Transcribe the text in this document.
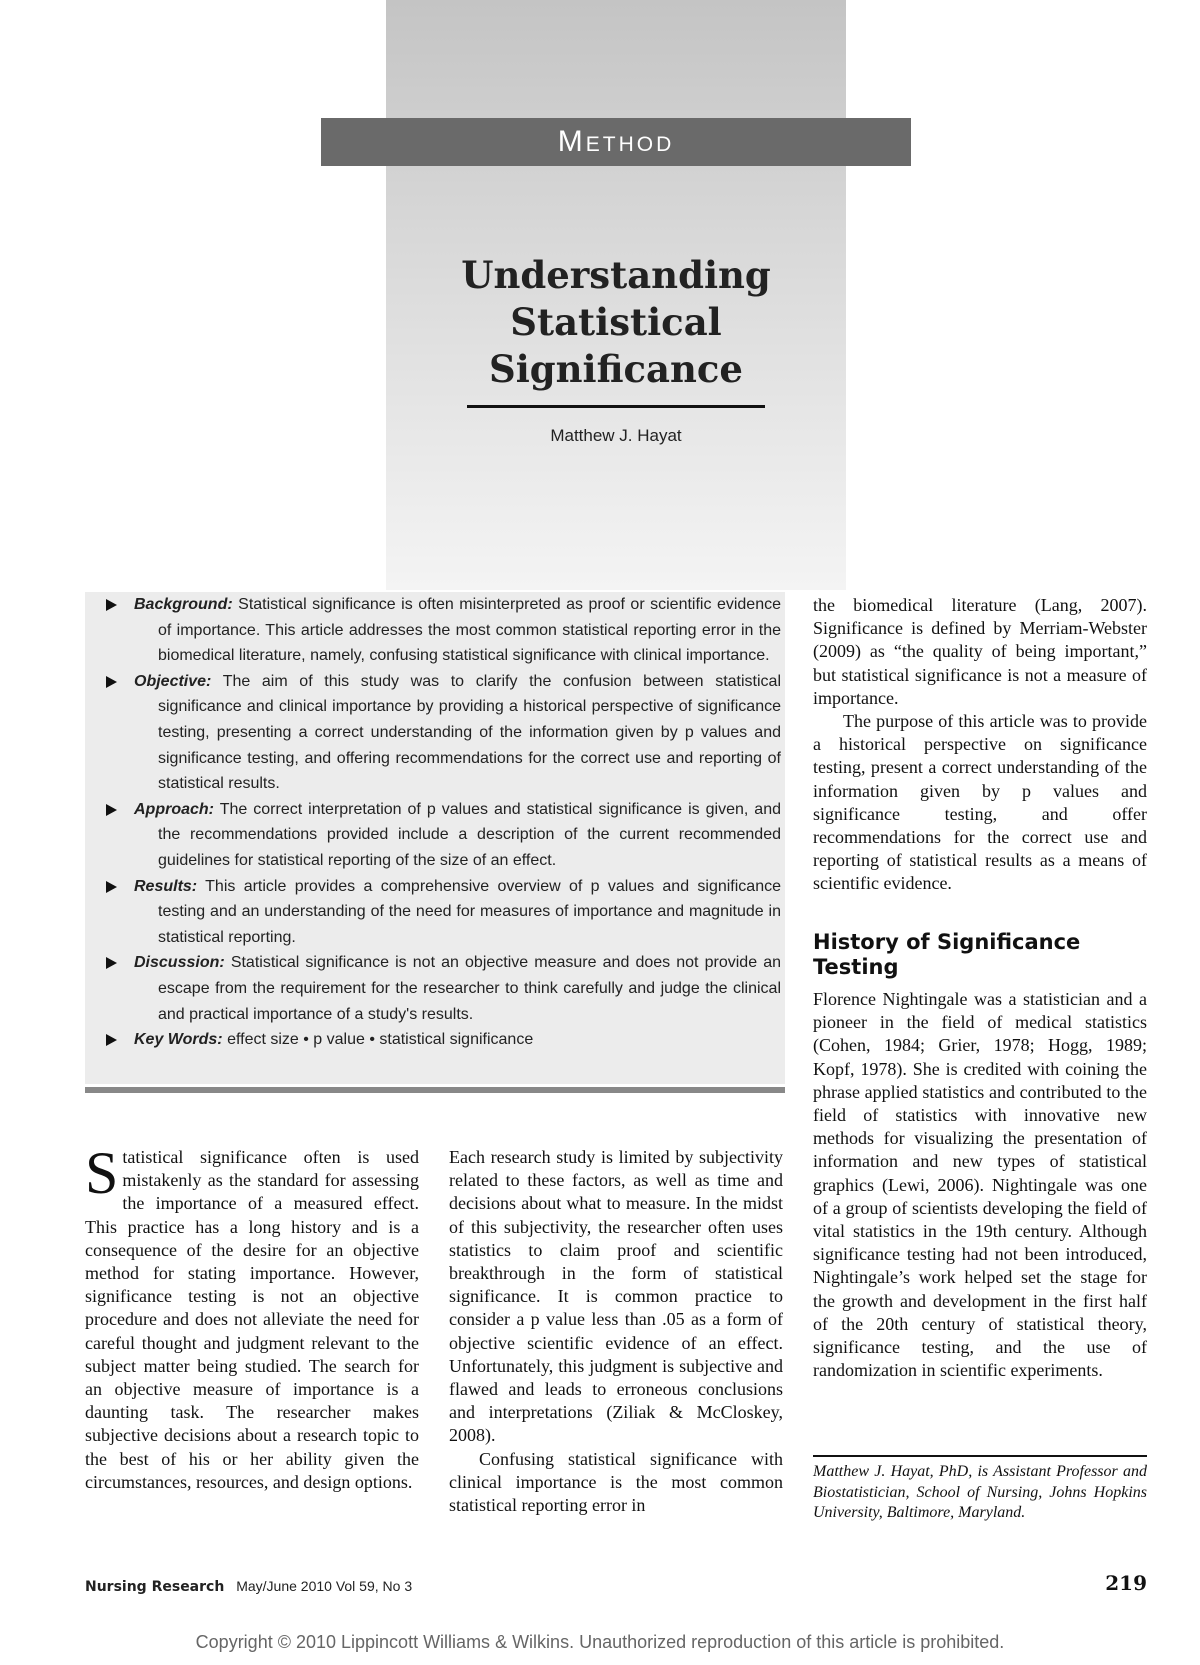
Method
Understanding
Statistical
Significance
Matthew J. Hayat
Background: Statistical significance is often misinterpreted as proof or scientific evidence of importance. This article addresses the most common statistical reporting error in the biomedical literature, namely, confusing statistical significance with clinical importance.
Objective: The aim of this study was to clarify the confusion between statistical significance and clinical importance by providing a historical perspective of significance testing, presenting a correct understanding of the information given by p values and significance testing, and offering recommendations for the correct use and reporting of statistical results.
Approach: The correct interpretation of p values and statistical significance is given, and the recommendations provided include a description of the current recommended guidelines for statistical reporting of the size of an effect.
Results: This article provides a comprehensive overview of p values and significance testing and an understanding of the need for measures of importance and magnitude in statistical reporting.
Discussion: Statistical significance is not an objective measure and does not provide an escape from the requirement for the researcher to think carefully and judge the clinical and practical importance of a study's results.
Key Words: effect size • p value • statistical significance

Statistical significance often is used mistakenly as the standard for assessing the importance of a measured effect. This practice has a long history and is a consequence of the desire for an objective method for stating importance. However, significance testing is not an objective procedure and does not alleviate the need for careful thought and judgment relevant to the subject matter being studied. The search for an objective measure of importance is a daunting task. The researcher makes subjective decisions about a research topic to the best of his or her ability given the circumstances, resources, and design options.

Each research study is limited by subjectivity related to these factors, as well as time and decisions about what to measure. In the midst of this subjectivity, the researcher often uses statistics to claim proof and scientific breakthrough in the form of statistical significance. It is common practice to consider a p value less than .05 as a form of objective scientific evidence of an effect. Unfortunately, this judgment is subjective and flawed and leads to erroneous conclusions and interpretations (Ziliak & McCloskey, 2008).

Confusing statistical significance with clinical importance is the most common statistical reporting error in

the biomedical literature (Lang, 2007). Significance is defined by Merriam-Webster (2009) as “the quality of being important,” but statistical significance is not a measure of importance.

The purpose of this article was to provide a historical perspective on significance testing, present a correct understanding of the information given by p values and significance testing, and offer recommendations for the correct use and reporting of statistical results as a means of scientific evidence.

History of Significance Testing

Florence Nightingale was a statistician and a pioneer in the field of medical statistics (Cohen, 1984; Grier, 1978; Hogg, 1989; Kopf, 1978). She is credited with coining the phrase applied statistics and contributed to the field of statistics with innovative new methods for visualizing the presentation of information and new types of statistical graphics (Lewi, 2006). Nightingale was one of a group of scientists developing the field of vital statistics in the 19th century. Although significance testing had not been introduced, Nightingale’s work helped set the stage for the growth and development in the first half of the 20th century of statistical theory, significance testing, and the use of randomization in scientific experiments.

Matthew J. Hayat, PhD, is Assistant Professor and Biostatistician, School of Nursing, Johns Hopkins University, Baltimore, Maryland.
Nursing Research May/June 2010 Vol 59, No 3	219
Copyright © 2010 Lippincott Williams & Wilkins. Unauthorized reproduction of this article is prohibited.
